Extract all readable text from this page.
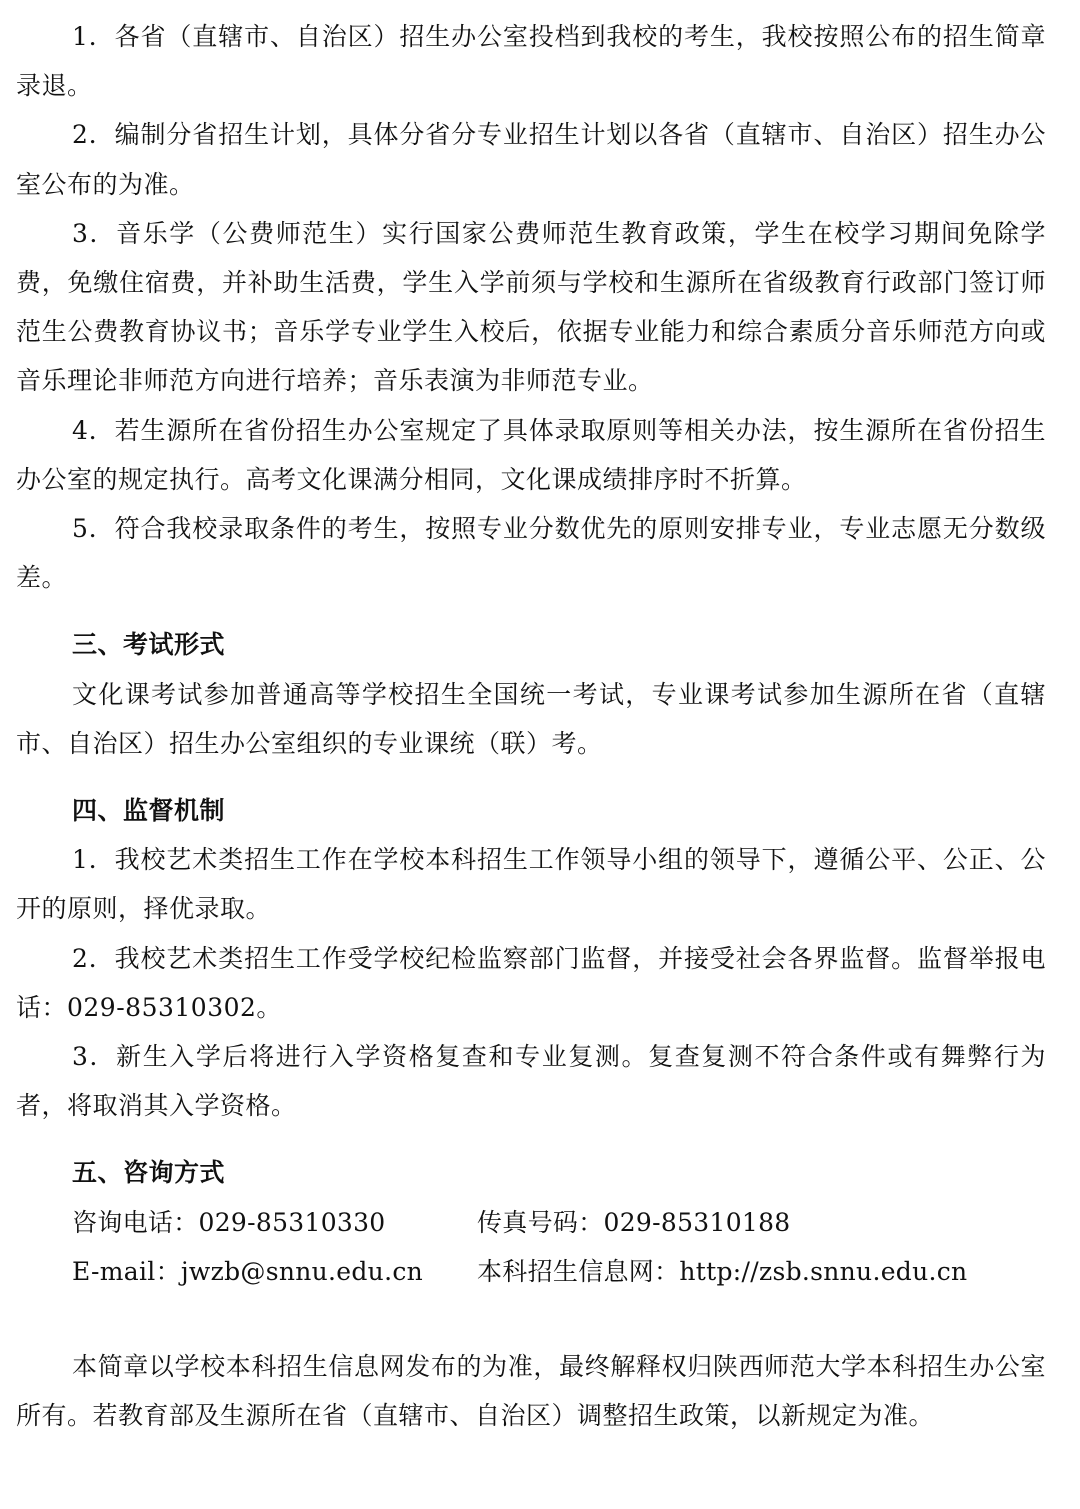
1．各省（直辖市、自治区）招生办公室投档到我校的考生，我校按照公布的招生简章录退。

2．编制分省招生计划，具体分省分专业招生计划以各省（直辖市、自治区）招生办公室公布的为准。

3．音乐学（公费师范生）实行国家公费师范生教育政策，学生在校学习期间免除学费，免缴住宿费，并补助生活费，学生入学前须与学校和生源所在省级教育行政部门签订师范生公费教育协议书；音乐学专业学生入校后，依据专业能力和综合素质分音乐师范方向或音乐理论非师范方向进行培养；音乐表演为非师范专业。

4．若生源所在省份招生办公室规定了具体录取原则等相关办法，按生源所在省份招生办公室的规定执行。高考文化课满分相同，文化课成绩排序时不折算。

5．符合我校录取条件的考生，按照专业分数优先的原则安排专业，专业志愿无分数级差。

三、考试形式

文化课考试参加普通高等学校招生全国统一考试，专业课考试参加生源所在省（直辖市、自治区）招生办公室组织的专业课统（联）考。

四、监督机制

1．我校艺术类招生工作在学校本科招生工作领导小组的领导下，遵循公平、公正、公开的原则，择优录取。

2．我校艺术类招生工作受学校纪检监察部门监督，并接受社会各界监督。监督举报电话：029-85310302。

3．新生入学后将进行入学资格复查和专业复测。复查复测不符合条件或有舞弊行为者，将取消其入学资格。

五、咨询方式
咨询电话：029-85310330	传真号码：029-85310188
E-mail：jwzb@snnu.edu.cn	本科招生信息网：http://zsb.snnu.edu.cn

本简章以学校本科招生信息网发布的为准，最终解释权归陕西师范大学本科招生办公室所有。若教育部及生源所在省（直辖市、自治区）调整招生政策，以新规定为准。
